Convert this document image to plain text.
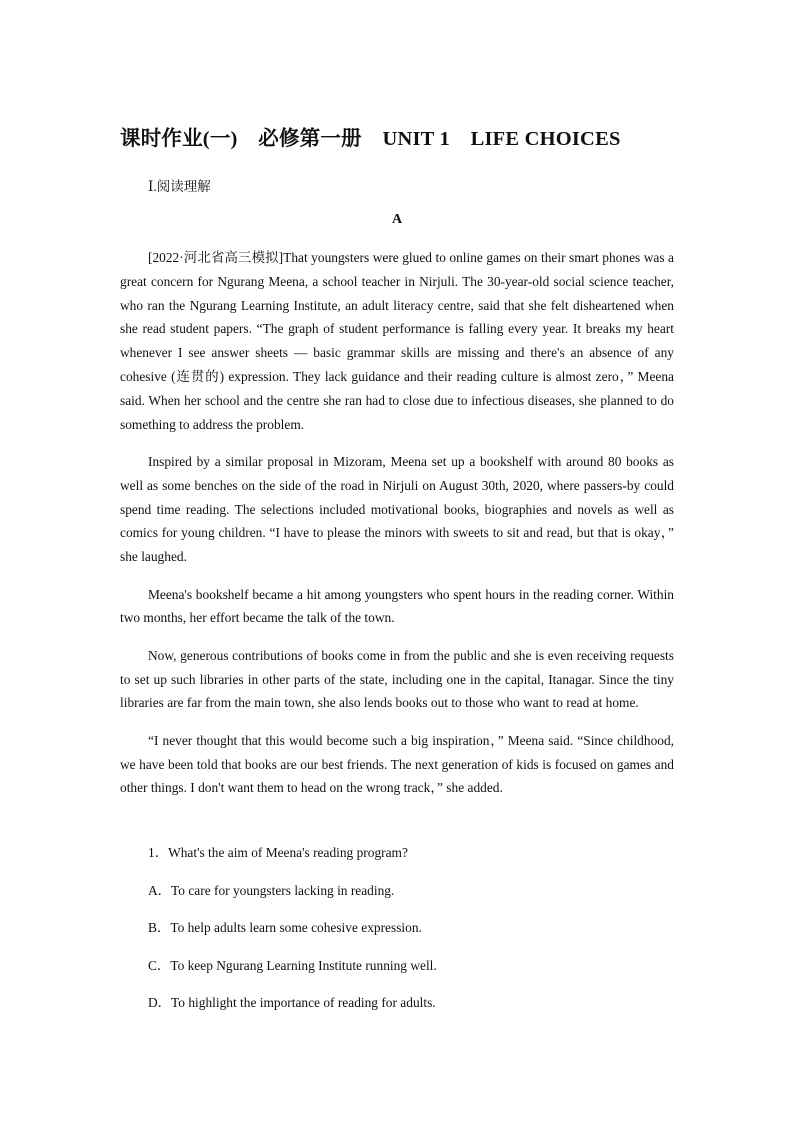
课时作业(一)　必修第一册　UNIT 1　LIFE CHOICES

Ⅰ.阅读理解

A

[2022·河北省高三模拟]That youngsters were glued to online games on their smart phones was a great concern for Ngurang Meena, a school teacher in Nirjuli. The 30-year-old social science teacher, who ran the Ngurang Learning Institute, an adult literacy centre, said that she felt disheartened when she read student papers. “The graph of student performance is falling every year. It breaks my heart whenever I see answer sheets — basic grammar skills are missing and there's an absence of any cohesive (连贯的) expression. They lack guidance and their reading culture is almost zero，” Meena said. When her school and the centre she ran had to close due to infectious diseases, she planned to do something to address the problem.

Inspired by a similar proposal in Mizoram, Meena set up a bookshelf with around 80 books as well as some benches on the side of the road in Nirjuli on August 30th, 2020, where passers-by could spend time reading. The selections included motivational books, biographies and novels as well as comics for young children. “I have to please the minors with sweets to sit and read, but that is okay，” she laughed.

Meena's bookshelf became a hit among youngsters who spent hours in the reading corner. Within two months, her effort became the talk of the town.

Now, generous contributions of books come in from the public and she is even receiving requests to set up such libraries in other parts of the state, including one in the capital, Itanagar. Since the tiny libraries are far from the main town, she also lends books out to those who want to read at home.

“I never thought that this would become such a big inspiration，” Meena said. “Since childhood, we have been told that books are our best friends. The next generation of kids is focused on games and other things. I don't want them to head on the wrong track，” she added.

1．What's the aim of Meena's reading program?

A．To care for youngsters lacking in reading.

B．To help adults learn some cohesive expression.

C．To keep Ngurang Learning Institute running well.

D．To highlight the importance of reading for adults.
